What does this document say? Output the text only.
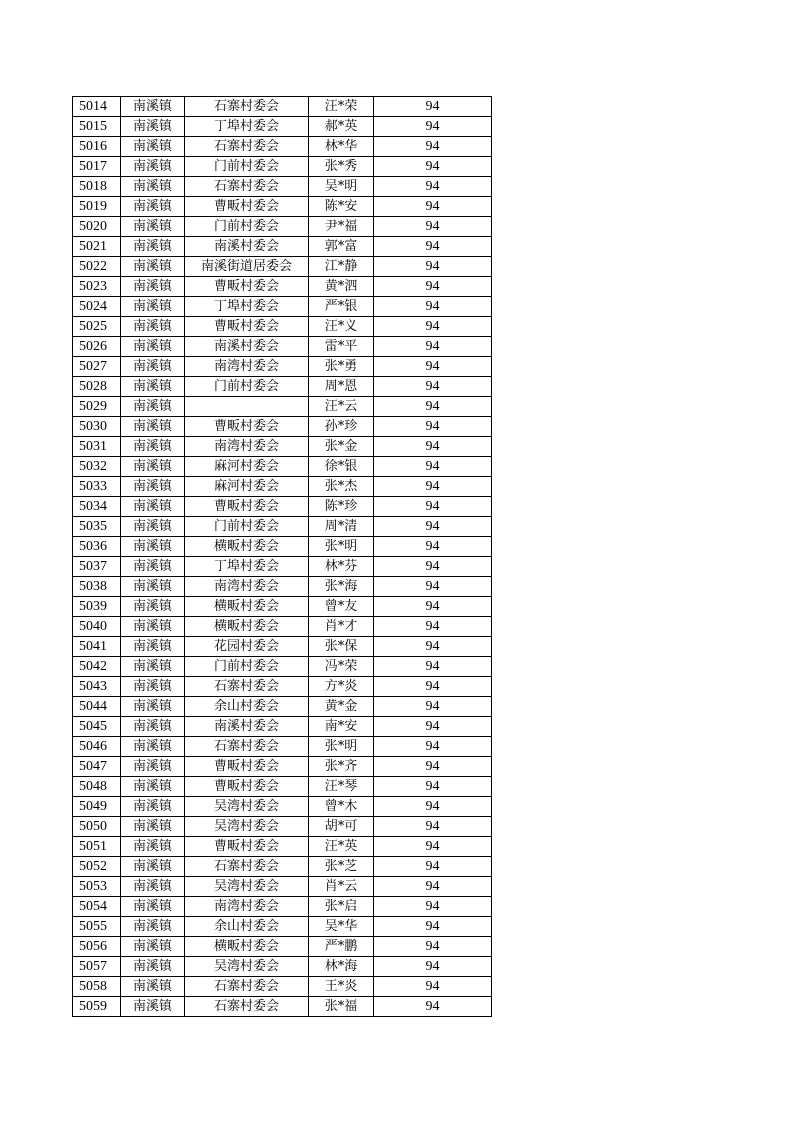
5014	南溪镇	石寨村委会	汪*荣	94
5015	南溪镇	丁埠村委会	郝*英	94
5016	南溪镇	石寨村委会	林*华	94
5017	南溪镇	门前村委会	张*秀	94
5018	南溪镇	石寨村委会	吴*明	94
5019	南溪镇	曹畈村委会	陈*安	94
5020	南溪镇	门前村委会	尹*福	94
5021	南溪镇	南溪村委会	郭*富	94
5022	南溪镇	南溪街道居委会	江*静	94
5023	南溪镇	曹畈村委会	黄*泗	94
5024	南溪镇	丁埠村委会	严*银	94
5025	南溪镇	曹畈村委会	汪*义	94
5026	南溪镇	南溪村委会	雷*平	94
5027	南溪镇	南湾村委会	张*勇	94
5028	南溪镇	门前村委会	周*恩	94
5029	南溪镇		汪*云	94
5030	南溪镇	曹畈村委会	孙*珍	94
5031	南溪镇	南湾村委会	张*金	94
5032	南溪镇	麻河村委会	徐*银	94
5033	南溪镇	麻河村委会	张*杰	94
5034	南溪镇	曹畈村委会	陈*珍	94
5035	南溪镇	门前村委会	周*清	94
5036	南溪镇	横畈村委会	张*明	94
5037	南溪镇	丁埠村委会	林*芬	94
5038	南溪镇	南湾村委会	张*海	94
5039	南溪镇	横畈村委会	曾*友	94
5040	南溪镇	横畈村委会	肖*才	94
5041	南溪镇	花园村委会	张*保	94
5042	南溪镇	门前村委会	冯*荣	94
5043	南溪镇	石寨村委会	方*炎	94
5044	南溪镇	余山村委会	黄*金	94
5045	南溪镇	南溪村委会	南*安	94
5046	南溪镇	石寨村委会	张*明	94
5047	南溪镇	曹畈村委会	张*齐	94
5048	南溪镇	曹畈村委会	汪*琴	94
5049	南溪镇	吴湾村委会	曾*木	94
5050	南溪镇	吴湾村委会	胡*可	94
5051	南溪镇	曹畈村委会	汪*英	94
5052	南溪镇	石寨村委会	张*芝	94
5053	南溪镇	吴湾村委会	肖*云	94
5054	南溪镇	南湾村委会	张*启	94
5055	南溪镇	余山村委会	吴*华	94
5056	南溪镇	横畈村委会	严*鹏	94
5057	南溪镇	吴湾村委会	林*海	94
5058	南溪镇	石寨村委会	王*炎	94
5059	南溪镇	石寨村委会	张*福	94
